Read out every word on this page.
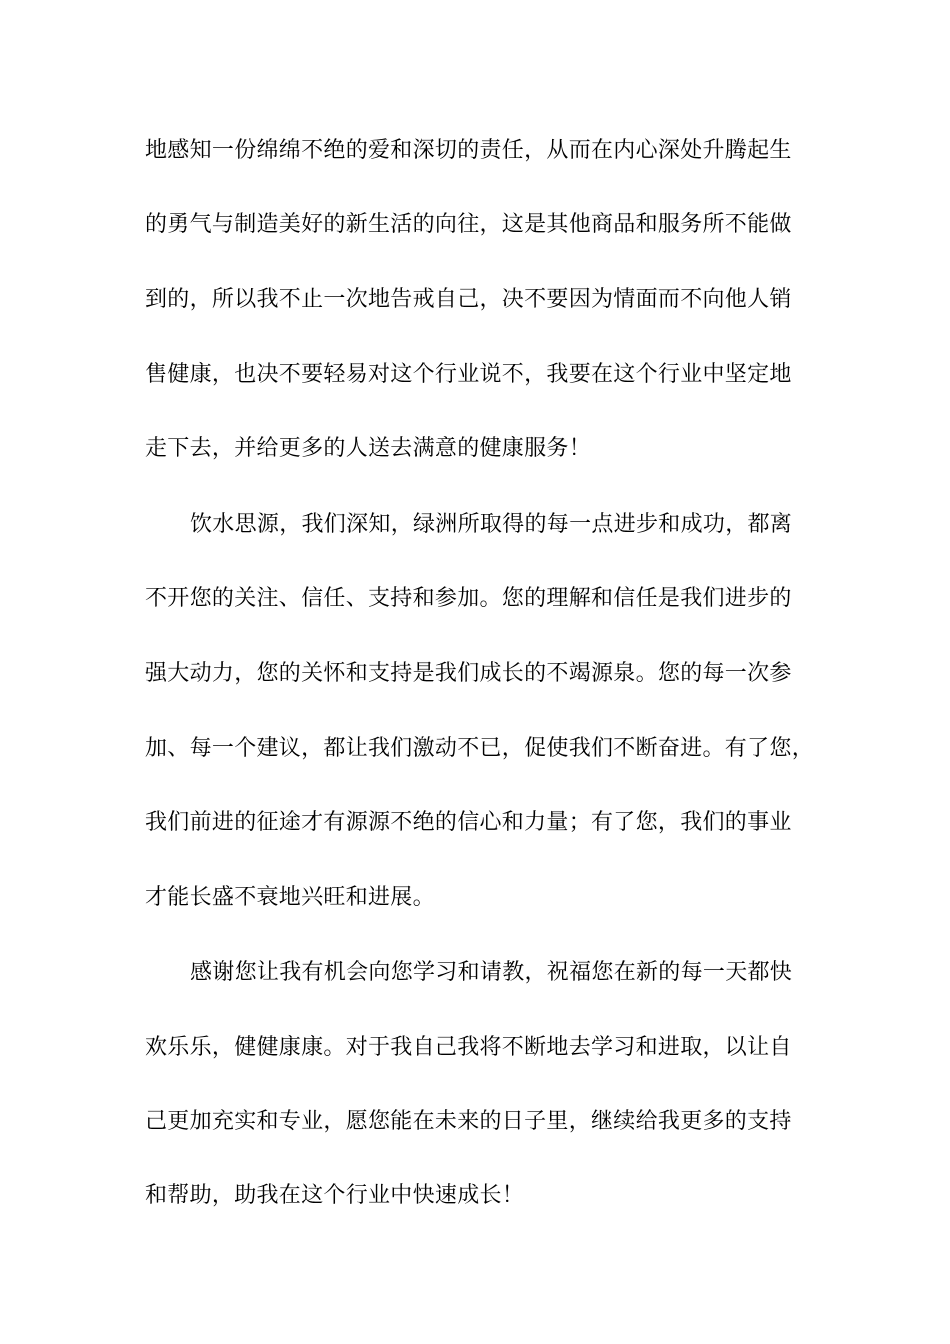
地感知一份绵绵不绝的爱和深切的责任，从而在内心深处升腾起生
的勇气与制造美好的新生活的向往，这是其他商品和服务所不能做
到的，所以我不止一次地告戒自己，决不要因为情面而不向他人销
售健康，也决不要轻易对这个行业说不，我要在这个行业中坚定地
走下去，并给更多的人送去满意的健康服务！
饮水思源，我们深知，绿洲所取得的每一点进步和成功，都离
不开您的关注、信任、支持和参加。您的理解和信任是我们进步的
强大动力，您的关怀和支持是我们成长的不竭源泉。您的每一次参
加、每一个建议，都让我们激动不已，促使我们不断奋进。有了您，
我们前进的征途才有源源不绝的信心和力量；有了您，我们的事业
才能长盛不衰地兴旺和进展。
感谢您让我有机会向您学习和请教，祝福您在新的每一天都快
欢乐乐，健健康康。对于我自己我将不断地去学习和进取，以让自
己更加充实和专业，愿您能在未来的日子里，继续给我更多的支持
和帮助，助我在这个行业中快速成长！
